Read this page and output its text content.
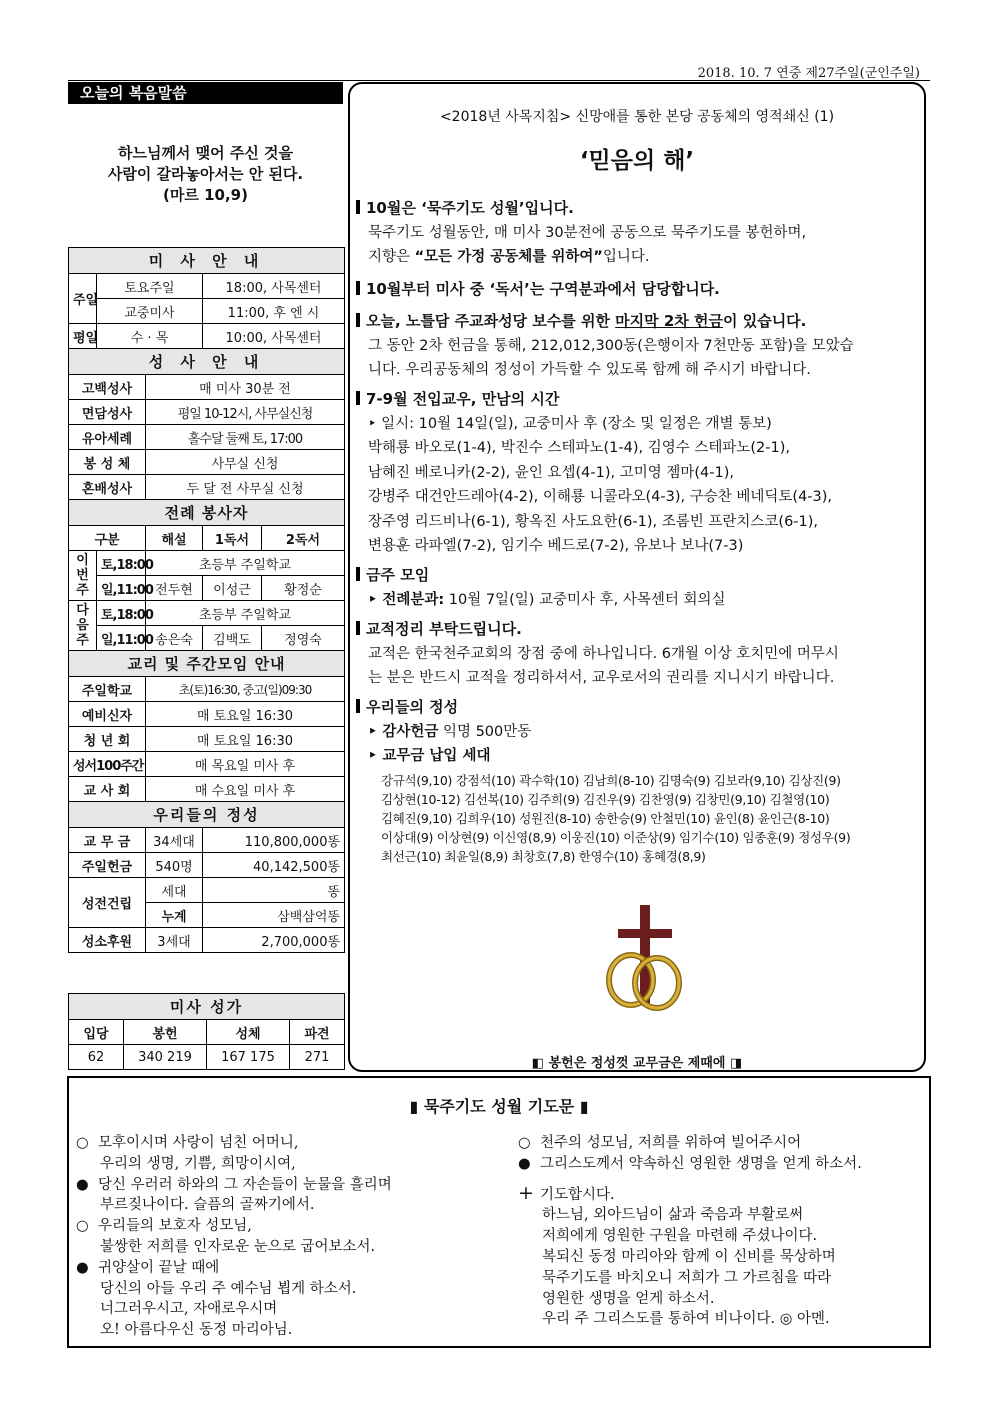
2018. 10. 7 연중 제27주일(군인주일)
오늘의 복음말씀
하느님께서 맺어 주신 것을
사람이 갈라놓아서는 안 된다.
(마르 10,9)
미 사 안 내				
주일	토요주일		18:00, 사목센터	
	교중미사		11:00, 후 엔 시	
평일	수 · 목		10:00, 사목센터	
성 사 안 내				
고백성사		매 미사 30분 전		
면담성사		평일 10-12시, 사무실신청		
유아세례		홀수달 둘째 토, 17:00		
봉 성 체		사무실 신청		
혼배성사		두 달 전 사무실 신청		
전례 봉사자				
구분		해설	1독서	2독서
이번주	토,18:00	초등부 주일학교		
	일,11:00	전두현	이성근	황정순
다음주	토,18:00	초등부 주일학교		
	일,11:00	송은숙	김백도	정영숙
교리 및 주간모임 안내				
주일학교		초(토)16:30, 중고(일)09:30		
예비신자		매 토요일 16:30		
청 년 회		매 토요일 16:30		
성서100주간		매 목요일 미사 후		
교 사 회		매 수요일 미사 후		
우리들의 정성				
교 무 금		34세대	110,800,000똥	
주일헌금		540명	40,142,500똥	
성전건립		세대	똥	
		누계	삼백삼억똥	
성소후원		3세대	2,700,000똥	
미사 성가			
입당	봉헌	성체	파견
62	340 219	167 175	271
<2018년 사목지침> 신망애를 통한 본당 공동체의 영적쇄신 (1)
‘믿음의 해’
10월은 ‘묵주기도 성월’입니다.
묵주기도 성월동안, 매 미사 30분전에 공동으로 묵주기도를 봉헌하며,
지향은 “모든 가정 공동체를 위하여”입니다.
10월부터 미사 중 ‘독서’는 구역분과에서 담당합니다.
오늘, 노틀담 주교좌성당 보수를 위한 마지막 2차 헌금이 있습니다.
그 동안 2차 헌금을 통해, 212,012,300동(은행이자 7천만동 포함)을 모았습
니다. 우리공동체의 정성이 가득할 수 있도록 함께 해 주시기 바랍니다.
7-9월 전입교우, 만남의 시간
‣ 일시: 10월 14일(일), 교중미사 후 (장소 및 일정은 개별 통보)
박해룡 바오로(1-4), 박진수 스테파노(1-4), 김영수 스테파노(2-1),
남혜진 베로니카(2-2), 윤인 요셉(4-1), 고미영 젬마(4-1),
강병주 대건안드레아(4-2), 이해룡 니콜라오(4-3), 구승찬 베네딕토(4-3),
장주영 리드비나(6-1), 황옥진 사도요한(6-1), 조롬빈 프란치스코(6-1),
변용훈 라파엘(7-2), 임기수 베드로(7-2), 유보나 보나(7-3)
금주 모임
‣ 전례분과: 10월 7일(일) 교중미사 후, 사목센터 회의실
교적정리 부탁드립니다.
교적은 한국천주교회의 장점 중에 하나입니다. 6개월 이상 호치민에 머무시
는 분은 반드시 교적을 정리하셔서, 교우로서의 권리를 지니시기 바랍니다.
우리들의 정성
‣ 감사헌금 익명 500만동
‣ 교무금 납입 세대
강규석(9,10) 강점석(10) 곽수학(10) 김남희(8-10) 김명숙(9) 김보라(9,10) 김상진(9)
김상현(10-12) 김선복(10) 김주희(9) 김진우(9) 김찬영(9) 김창민(9,10) 김철영(10)
김혜진(9,10) 김희우(10) 성원진(8-10) 송한승(9) 안철민(10) 윤인(8) 윤인근(8-10)
이상대(9) 이상현(9) 이신영(8,9) 이웅진(10) 이준상(9) 임기수(10) 임종훈(9) 정성우(9)
최선근(10) 최윤일(8,9) 최창호(7,8) 한영수(10) 홍혜경(8,9)
◧ 봉헌은 정성껏 교무금은 제때에 ◨
▮ 묵주기도 성월 기도문 ▮
○ 모후이시며 사랑이 넘친 어머니,
우리의 생명, 기쁨, 희망이시여,
● 당신 우러러 하와의 그 자손들이 눈물을 흘리며
부르짖나이다. 슬픔의 골짜기에서.
○ 우리들의 보호자 성모님,
불쌍한 저희를 인자로운 눈으로 굽어보소서.
● 귀양살이 끝날 때에
당신의 아들 우리 주 예수님 뵙게 하소서.
너그러우시고, 자애로우시며
오! 아름다우신 동정 마리아님.
○ 천주의 성모님, 저희를 위하여 빌어주시어
● 그리스도께서 약속하신 영원한 생명을 얻게 하소서.
+ 기도합시다.
하느님, 외아드님이 삶과 죽음과 부활로써
저희에게 영원한 구원을 마련해 주셨나이다.
복되신 동정 마리아와 함께 이 신비를 묵상하며
묵주기도를 바치오니 저희가 그 가르침을 따라
영원한 생명을 얻게 하소서.
우리 주 그리스도를 통하여 비나이다. ◎ 아멘.
